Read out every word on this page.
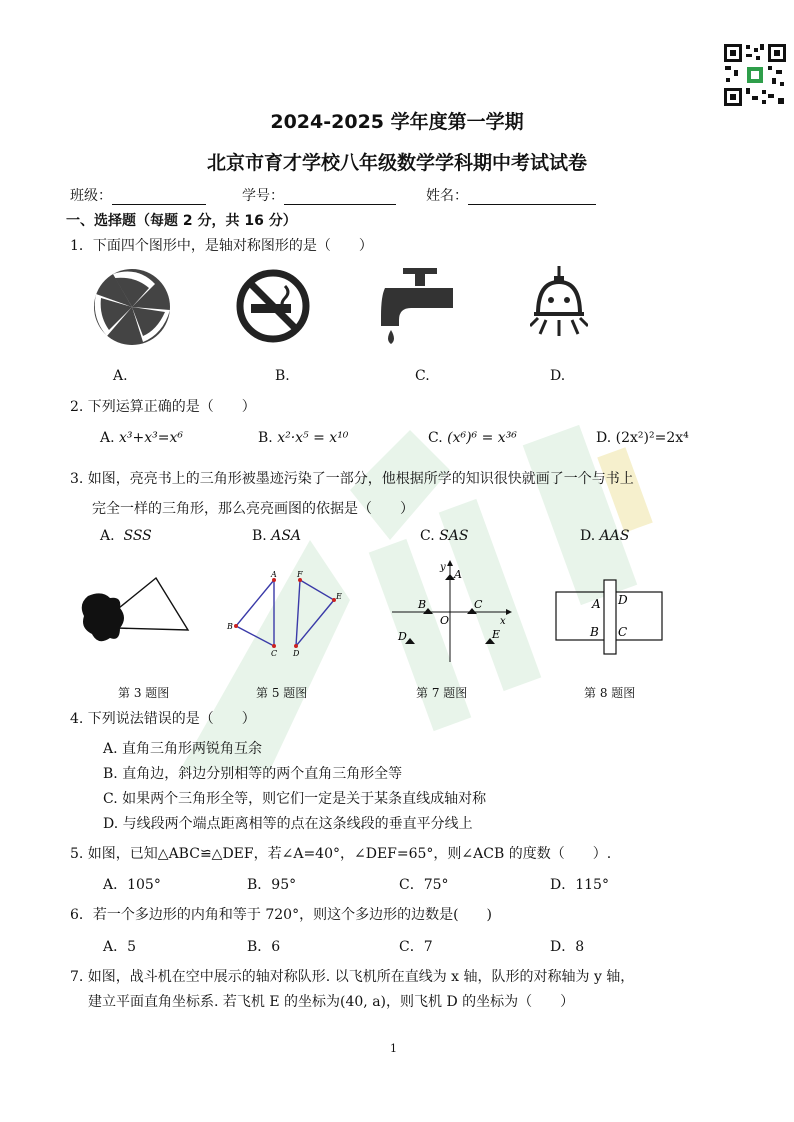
2024-2025 学年度第一学期
北京市育才学校八年级数学学科期中考试试卷
班级：	学号：	姓名：
一、选择题（每题 2 分，共 16 分）
1．下面四个图形中，是轴对称图形的是（　　）
A.	B.	C.	D.
2. 下列运算正确的是（　　）
A. x³+x³=x⁶	B. x²·x⁵ = x¹⁰	C. (x⁶)⁶ = x³⁶	D. (2x²)²=2x⁴
3. 如图，亮亮书上的三角形被墨迹污染了一部分，他根据所学的知识很快就画了一个与书上
完全一样的三角形，那么亮亮画图的依据是（　　）
A. SSS	B. ASA	C. SAS	D. AAS
A
B
C
F
D
E
A
B	C
O
D	E
x
y
A D
B C
第 3 题图	第 5 题图	第 7 题图	第 8 题图
4. 下列说法错误的是（　　）
A. 直角三角形两锐角互余
B. 直角边，斜边分别相等的两个直角三角形全等
C. 如果两个三角形全等，则它们一定是关于某条直线成轴对称
D. 与线段两个端点距离相等的点在这条线段的垂直平分线上
5. 如图，已知△ABC≌△DEF，若∠A=40°，∠DEF=65°，则∠ACB 的度数（　　）.
A．105°	B．95°	C．75°	D．115°
6．若一个多边形的内角和等于 720°，则这个多边形的边数是(　　)
A．5	B．6	C．7	D．8
7. 如图，战斗机在空中展示的轴对称队形. 以飞机所在直线为 x 轴，队形的对称轴为 y 轴，
建立平面直角坐标系. 若飞机 E 的坐标为(40, a)，则飞机 D 的坐标为（　　）
1
